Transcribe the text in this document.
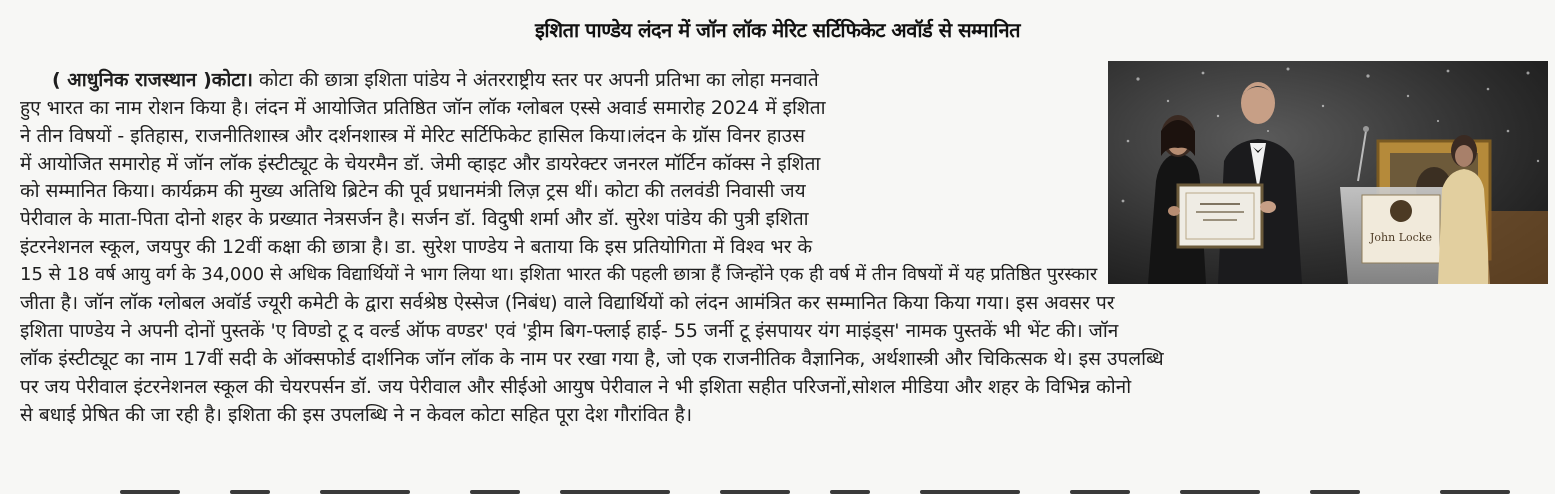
इशिता पाण्डेय लंदन में जॉन लॉक मेरिट सर्टिफिकेट अवॉर्ड से सम्मानित
John Locke
( आधुनिक राजस्थान )कोटा। कोटा की छात्रा इशिता पांडेय ने अंतरराष्ट्रीय स्तर पर अपनी प्रतिभा का लोहा मनवाते
हुए भारत का नाम रोशन किया है। लंदन में आयोजित प्रतिष्ठित जॉन लॉक ग्लोबल एस्से अवार्ड समारोह 2024 में इशिता
ने तीन विषयों - इतिहास, राजनीतिशास्त्र और दर्शनशास्त्र में मेरिट सर्टिफिकेट हासिल किया।लंदन के ग्रॉस विनर हाउस
में आयोजित समारोह में जॉन लॉक इंस्टीट्यूट के चेयरमैन डॉ. जेमी व्हाइट और डायरेक्टर जनरल मॉर्टिन कॉक्स ने इशिता
को सम्मानित किया। कार्यक्रम की मुख्य अतिथि ब्रिटेन की पूर्व प्रधानमंत्री लिज़ ट्रस थीं। कोटा की तलवंडी निवासी जय
पेरीवाल के माता-पिता दोनो शहर के प्रख्यात नेत्रसर्जन है। सर्जन डॉ. विदुषी शर्मा और डॉ. सुरेश पांडेय की पुत्री इशिता
इंटरनेशनल स्कूल, जयपुर की 12वीं कक्षा की छात्रा है। डा. सुरेश पाण्डेय ने बताया कि इस प्रतियोगिता में विश्व भर के
15 से 18 वर्ष आयु वर्ग के 34,000 से अधिक विद्यार्थियों ने भाग लिया था। इशिता भारत की पहली छात्रा हैं जिन्होंने एक ही वर्ष में तीन विषयों में यह प्रतिष्ठित पुरस्कार
जीता है। जॉन लॉक ग्लोबल अवॉर्ड ज्यूरी कमेटी के द्वारा सर्वश्रेष्ठ ऐस्सेज (निबंध) वाले विद्यार्थियों को लंदन आमंत्रित कर सम्मानित किया किया गया। इस अवसर पर
इशिता पाण्डेय ने अपनी दोनों पुस्तकें 'ए विण्डो टू द वर्ल्ड ऑफ वण्डर' एवं 'ड्रीम बिग-फ्लाई हाई- 55 जर्नी टू इंसपायर यंग माइंड्स' नामक पुस्तकें भी भेंट की। जॉन
लॉक इंस्टीट्यूट का नाम 17वीं सदी के ऑक्सफोर्ड दार्शनिक जॉन लॉक के नाम पर रखा गया है, जो एक राजनीतिक वैज्ञानिक, अर्थशास्त्री और चिकित्सक थे। इस उपलब्धि
पर जय पेरीवाल इंटरनेशनल स्कूल की चेयरपर्सन डॉ. जय पेरीवाल और सीईओ आयुष पेरीवाल ने भी इशिता सहीत परिजनों,सोशल मीडिया और शहर के विभिन्न कोनो
से बधाई प्रेषित की जा रही है। इशिता की इस उपलब्धि ने न केवल कोटा सहित पूरा देश गौरांवित है।
